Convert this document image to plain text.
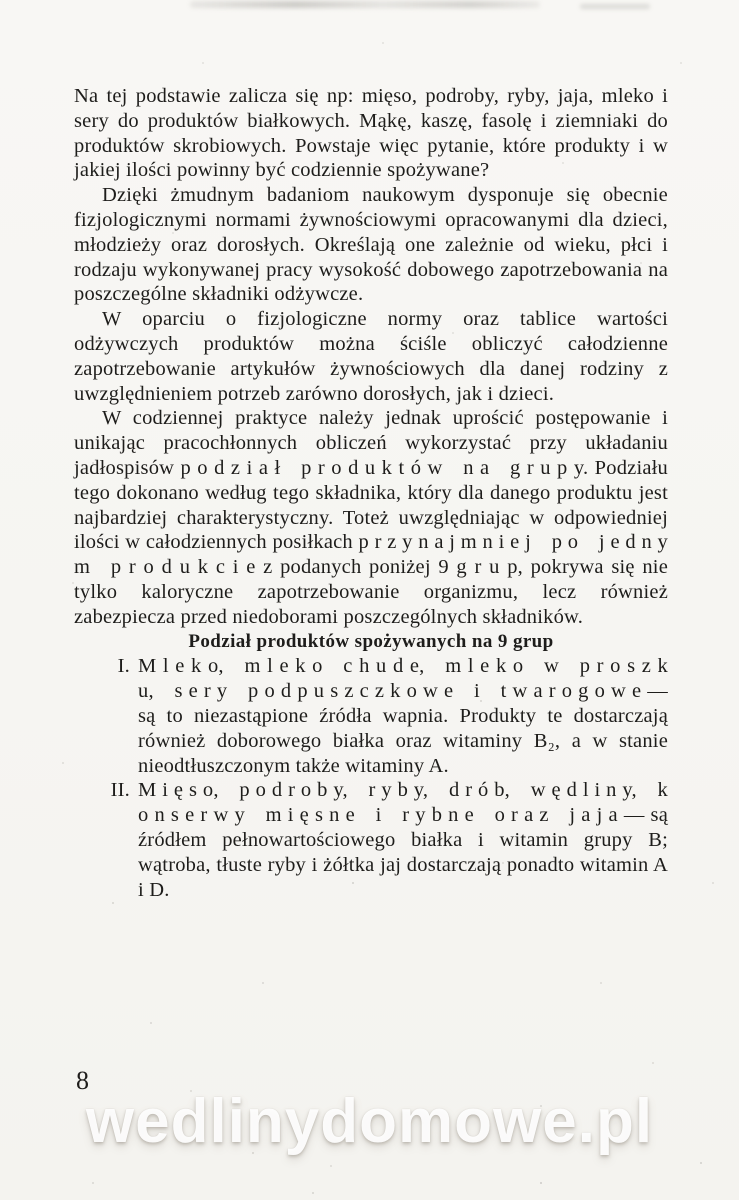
Na tej podstawie zalicza się np: mięso, podroby, ryby, jaja, mleko i sery do produktów białkowych. Mąkę, kaszę, fasolę i ziemniaki do produktów skrobiowych. Powstaje więc pytanie, które produkty i w jakiej ilości powinny być codziennie spożywane?

Dzięki żmudnym badaniom naukowym dysponuje się obecnie fizjologicznymi normami żywnościowymi opracowanymi dla dzieci, młodzieży oraz dorosłych. Określają one zależnie od wieku, płci i rodzaju wykonywanej pracy wysokość dobowego zapotrzebowania na poszczególne składniki odżywcze.

W oparciu o fizjologiczne normy oraz tablice wartości odżywczych produktów można ściśle obliczyć całodzienne zapotrzebowanie artykułów żywnościowych dla danej rodziny z uwzględnieniem potrzeb zarówno dorosłych, jak i dzieci.

W codziennej praktyce należy jednak uprościć postępowanie i unikając pracochłonnych obliczeń wykorzystać przy układaniu jadłospisów p o d z i a ł p r o d u k t ó w n a g r u p y. Podziału tego dokonano według tego składnika, który dla danego produktu jest najbardziej charakterystyczny. Toteż uwzględniając w odpowiedniej ilości w całodziennych posiłkach p r z y n a j m n i e j p o j e d n y m p r o d u k c i e z podanych poniżej 9 g r u p, pokrywa się nie tylko kaloryczne zapotrzebowanie organizmu, lecz również zabezpiecza przed niedoborami poszczególnych składników.

Podział produktów spożywanych na 9 grup

I. M l e k o, m l e k o c h u d e, m l e k o w p r o s z k u, s e r y p o d p u s z c z k o w e i t w a r o g o w e — są to niezastąpione źródła wapnia. Produkty te dostarczają również doborowego białka oraz witaminy B₂, a w stanie nieodtłuszczonym także witaminy A.
II. M i ę s o, p o d r o b y, r y b y, d r ó b, w ę d l i n y, k o n s e r w y m i ę s n e i r y b n e o r a z j a j a — są źródłem pełnowartościowego białka i witamin grupy B; wątroba, tłuste ryby i żółtka jaj dostarczają ponadto witamin A i D.
8
wedlinydomowe.pl
